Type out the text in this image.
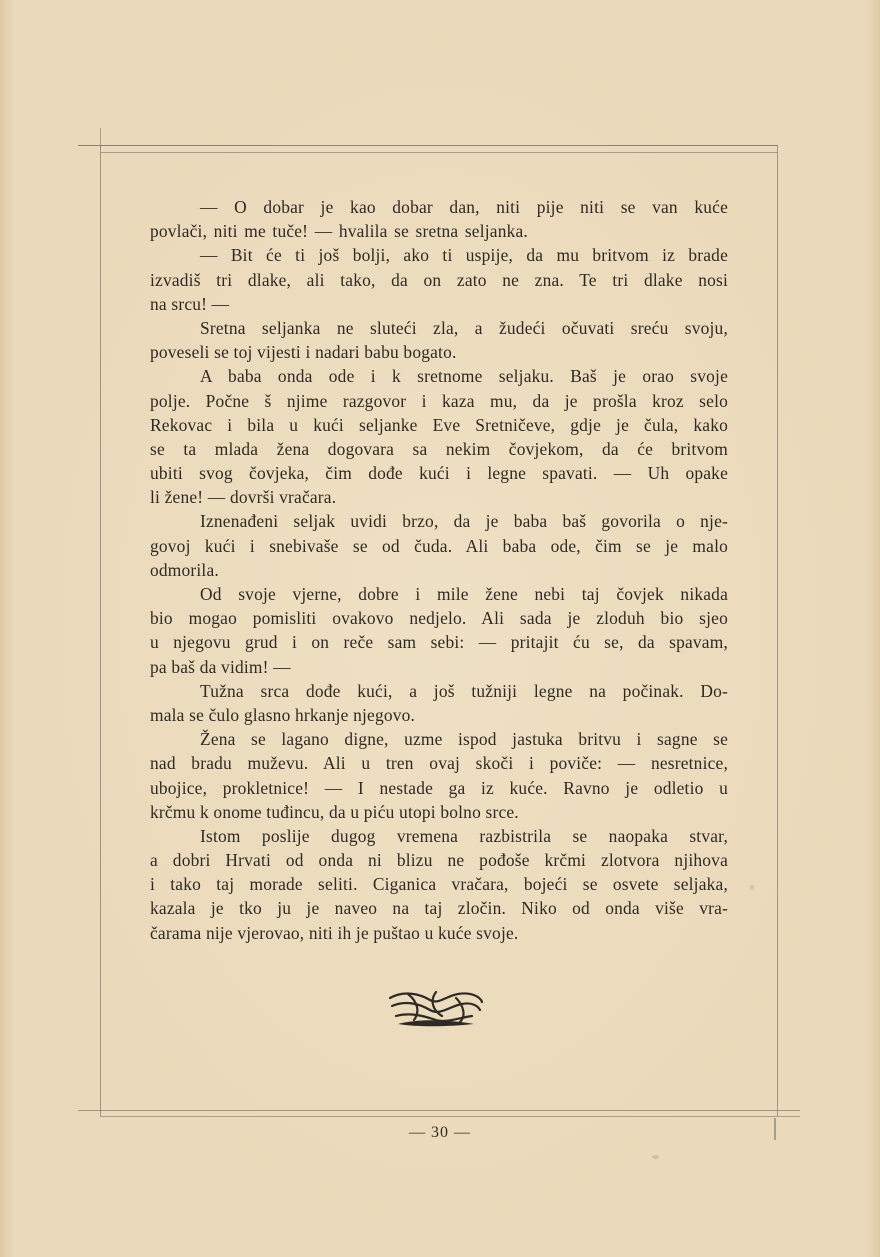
— O dobar je kao dobar dan, niti pije niti se van kuće
povlači, niti me tuče! — hvalila se sretna seljanka.
— Bit će ti još bolji, ako ti uspije, da mu britvom iz brade
izvadiš tri dlake, ali tako, da on zato ne zna. Te tri dlake nosi
na srcu! —
Sretna seljanka ne sluteći zla, a žudeći očuvati sreću svoju,
poveseli se toj vijesti i nadari babu bogato.
A baba onda ode i k sretnome seljaku. Baš je orao svoje
polje. Počne š njime razgovor i kaza mu, da je prošla kroz selo
Rekovac i bila u kući seljanke Eve Sretničeve, gdje je čula, kako
se ta mlada žena dogovara sa nekim čovjekom, da će britvom
ubiti svog čovjeka, čim dođe kući i legne spavati. — Uh opake
li žene! — dovrši vračara.
Iznenađeni seljak uvidi brzo, da je baba baš govorila o nje-
govoj kući i snebivaše se od čuda. Ali baba ode, čim se je malo
odmorila.
Od svoje vjerne, dobre i mile žene nebi taj čovjek nikada
bio mogao pomisliti ovakovo nedjelo. Ali sada je zloduh bio sjeo
u njegovu grud i on reče sam sebi: — pritajit ću se, da spavam,
pa baš da vidim! —
Tužna srca dođe kući, a još tužniji legne na počinak. Do-
mala se čulo glasno hrkanje njegovo.
Žena se lagano digne, uzme ispod jastuka britvu i sagne se
nad bradu muževu. Ali u tren ovaj skoči i poviče: — nesretnice,
ubojice, prokletnice! — I nestade ga iz kuće. Ravno je odletio u
krčmu k onome tuđincu, da u piću utopi bolno srce.
Istom poslije dugog vremena razbistrila se naopaka stvar,
a dobri Hrvati od onda ni blizu ne pođoše krčmi zlotvora njihova
i tako taj morade seliti. Ciganica vračara, bojeći se osvete seljaka,
kazala je tko ju je naveo na taj zločin. Niko od onda više vra-
čarama nije vjerovao, niti ih je puštao u kuće svoje.
— 30 —
